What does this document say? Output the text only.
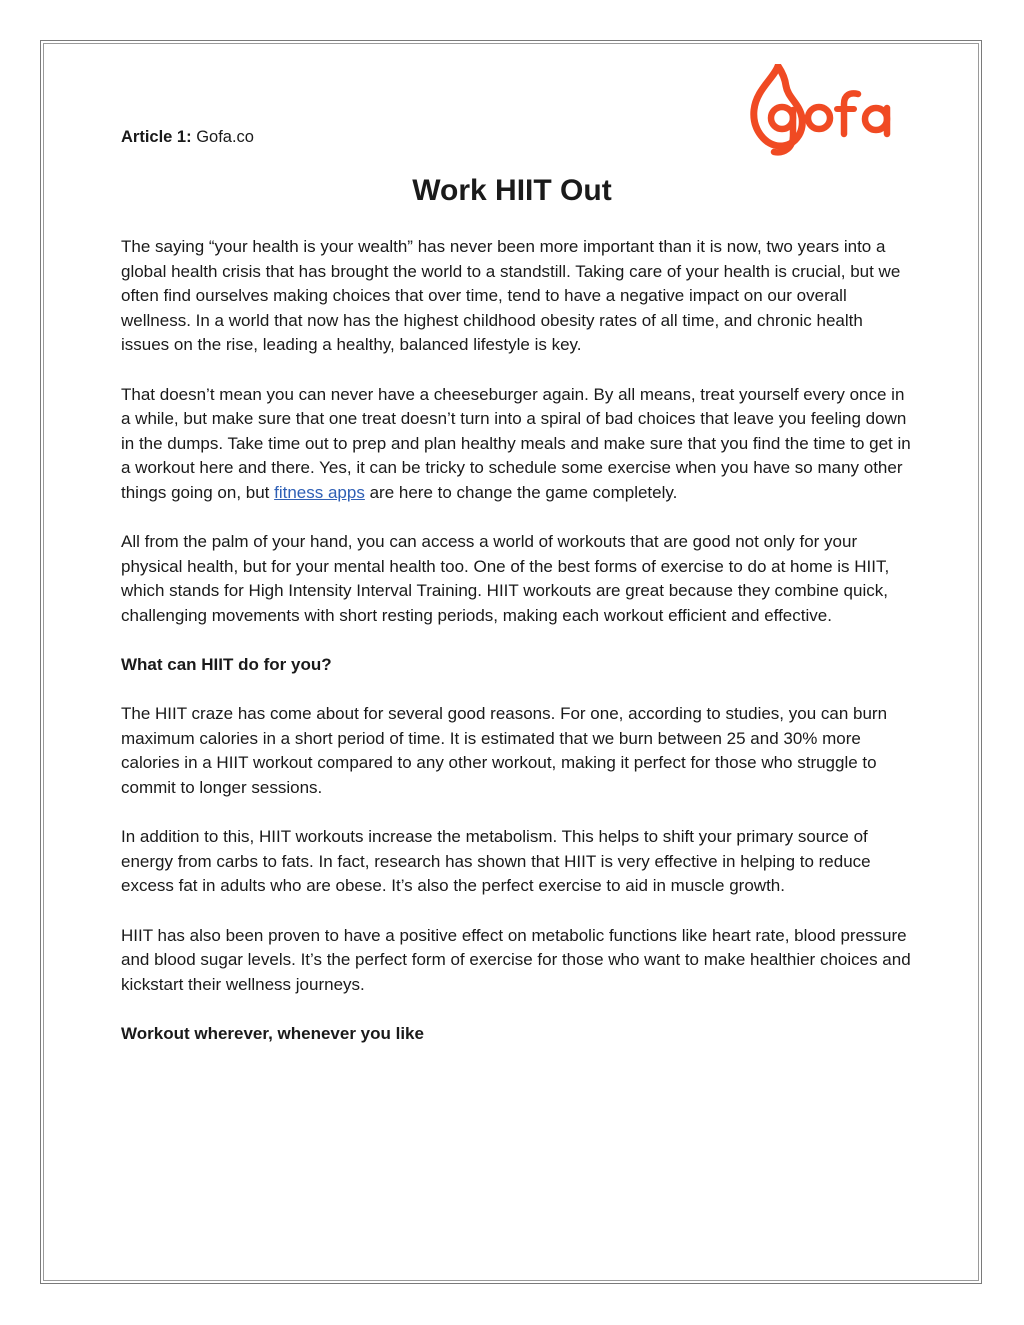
Article 1: Gofa.co
Work HIIT Out

The saying “your health is your wealth” has never been more important than it is now, two years into a global health crisis that has brought the world to a standstill. Taking care of your health is crucial, but we often find ourselves making choices that over time, tend to have a negative impact on our overall wellness. In a world that now has the highest childhood obesity rates of all time, and chronic health issues on the rise, leading a healthy, balanced lifestyle is key.

That doesn’t mean you can never have a cheeseburger again. By all means, treat yourself every once in a while, but make sure that one treat doesn’t turn into a spiral of bad choices that leave you feeling down in the dumps. Take time out to prep and plan healthy meals and make sure that you find the time to get in a workout here and there. Yes, it can be tricky to schedule some exercise when you have so many other things going on, but fitness apps are here to change the game completely.

All from the palm of your hand, you can access a world of workouts that are good not only for your physical health, but for your mental health too. One of the best forms of exercise to do at home is HIIT, which stands for High Intensity Interval Training. HIIT workouts are great because they combine quick, challenging movements with short resting periods, making each workout efficient and effective.

What can HIIT do for you?

The HIIT craze has come about for several good reasons. For one, according to studies, you can burn maximum calories in a short period of time. It is estimated that we burn between 25 and 30% more calories in a HIIT workout compared to any other workout, making it perfect for those who struggle to commit to longer sessions.

In addition to this, HIIT workouts increase the metabolism. This helps to shift your primary source of energy from carbs to fats. In fact, research has shown that HIIT is very effective in helping to reduce excess fat in adults who are obese. It’s also the perfect exercise to aid in muscle growth.

HIIT has also been proven to have a positive effect on metabolic functions like heart rate, blood pressure and blood sugar levels. It’s the perfect form of exercise for those who want to make healthier choices and kickstart their wellness journeys.

Workout wherever, whenever you like
